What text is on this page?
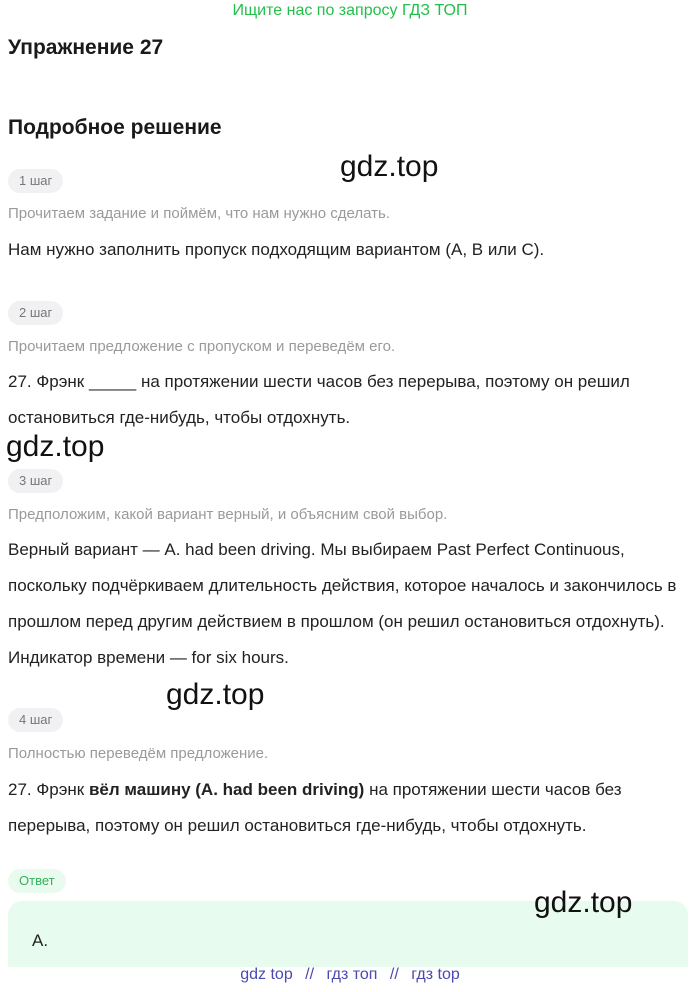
Ищите нас по запросу ГДЗ ТОП
Упражнение 27
Подробное решение
gdz.top
1 шаг
Прочитаем задание и поймём, что нам нужно сделать.
Нам нужно заполнить пропуск подходящим вариантом (A, B или C).
2 шаг
Прочитаем предложение с пропуском и переведём его.
27. Фрэнк _____ на протяжении шести часов без перерыва, поэтому он решил остановиться где-нибудь, чтобы отдохнуть.
gdz.top
3 шаг
Предположим, какой вариант верный, и объясним свой выбор.
Верный вариант — A. had been driving. Мы выбираем Past Perfect Continuous, поскольку подчёркиваем длительность действия, которое началось и закончилось в прошлом перед другим действием в прошлом (он решил остановиться отдохнуть). Индикатор времени — for six hours.
gdz.top
4 шаг
Полностью переведём предложение.
27. Фрэнк вёл машину (A. had been driving) на протяжении шести часов без перерыва, поэтому он решил остановиться где-нибудь, чтобы отдохнуть.
Ответ
A.
gdz.top
gdz top // гдз топ // гдз top
